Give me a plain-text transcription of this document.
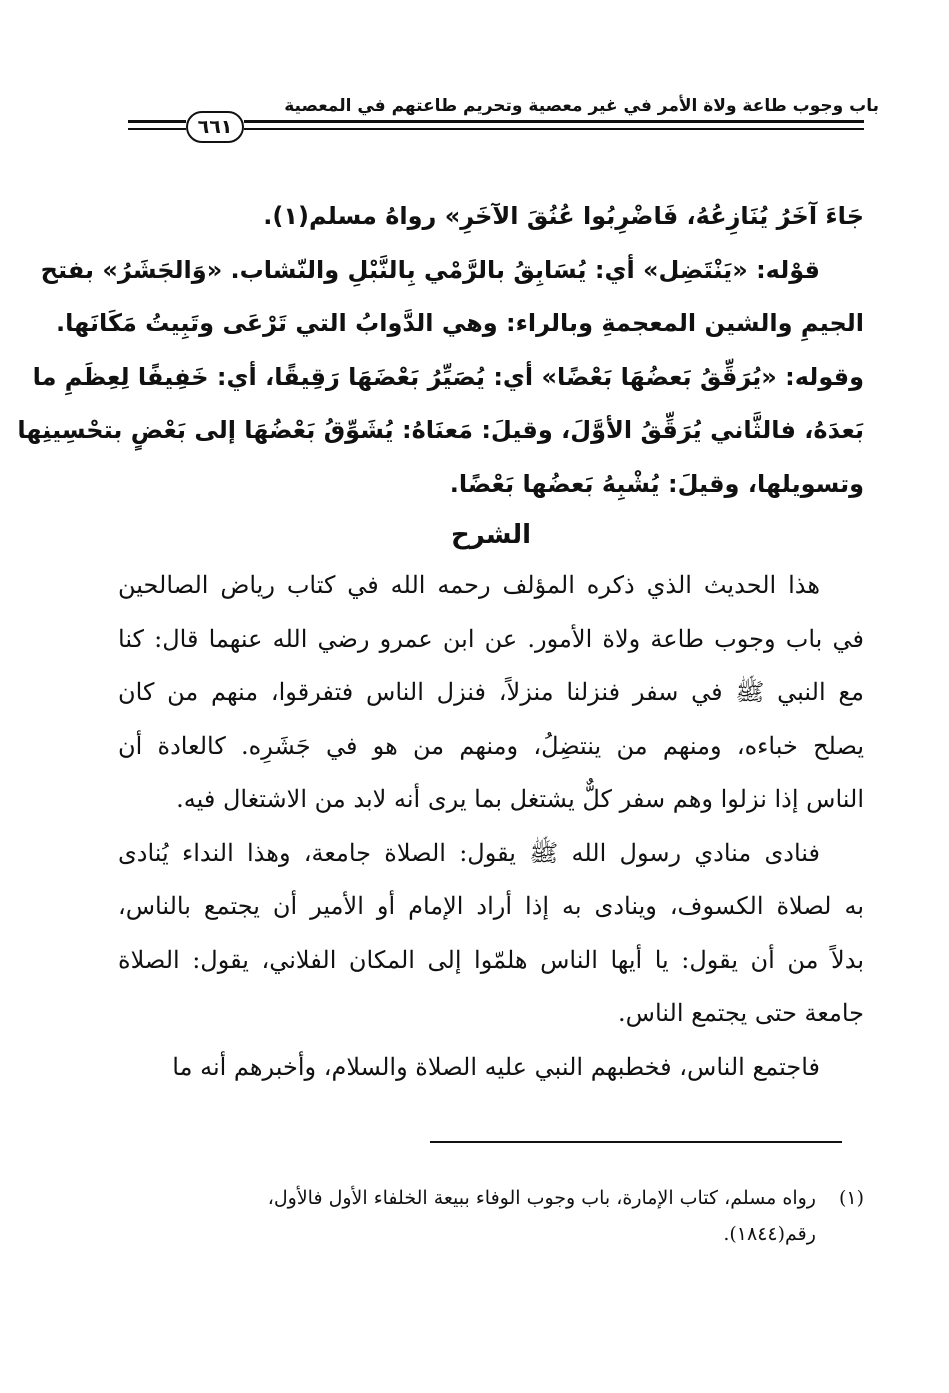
باب وجوب طاعة ولاة الأمر في غير معصية وتحريم طاعتهم في المعصية
٦٦١
جَاءَ آخَرُ يُنَازِعُهُ، فَاضْرِبُوا عُنُقَ الآخَرِ» رواهُ مسلم(١).
قوْله: «يَنْتَضِل» أي: يُسَابِقُ بالرَّمْي بِالنَّبْلِ والنّشاب. «وَالجَشَرُ» بفتح
الجيمِ والشين المعجمةِ وبالراء: وهي الدَّوابُ التي تَرْعَى وتَبِيتُ مَكَانَها.
وقوله: «يُرَقِّقُ بَعضُهَا بَعْضًا» أي: يُصَيِّرُ بَعْضَهَا رَقِيقًا، أي: خَفِيفًا لِعِظَمِ ما
بَعدَهُ، فالثَّاني يُرَقِّقُ الأوَّلَ، وقيلَ: مَعنَاهُ: يُشَوِّقُ بَعْضُهَا إلى بَعْضٍ بتحْسِينِها
وتسويلها، وقيلَ: يُشْبِهُ بَعضُها بَعْضًا.
الشرح
هذا الحديث الذي ذكره المؤلف رحمه الله في كتاب رياض الصالحين
في باب وجوب طاعة ولاة الأمور. عن ابن عمرو رضي الله عنهما قال: كنا
مع النبي ﷺ في سفر فنزلنا منزلاً، فنزل الناس فتفرقوا، منهم من كان
يصلح خباءه، ومنهم من ينتضِلُ، ومنهم من هو في جَشَرِه. كالعادة أن
الناس إذا نزلوا وهم سفر كلٌّ يشتغل بما يرى أنه لابد من الاشتغال فيه.
فنادى منادي رسول الله ﷺ يقول: الصلاة جامعة، وهذا النداء يُنادى
به لصلاة الكسوف، وينادى به إذا أراد الإمام أو الأمير أن يجتمع بالناس،
بدلاً من أن يقول: يا أيها الناس هلمّوا إلى المكان الفلاني، يقول: الصلاة
جامعة حتى يجتمع الناس.
فاجتمع الناس، فخطبهم النبي عليه الصلاة والسلام، وأخبرهم أنه ما
(١) رواه مسلم، كتاب الإمارة، باب وجوب الوفاء ببيعة الخلفاء الأول فالأول،
رقم(١٨٤٤).
